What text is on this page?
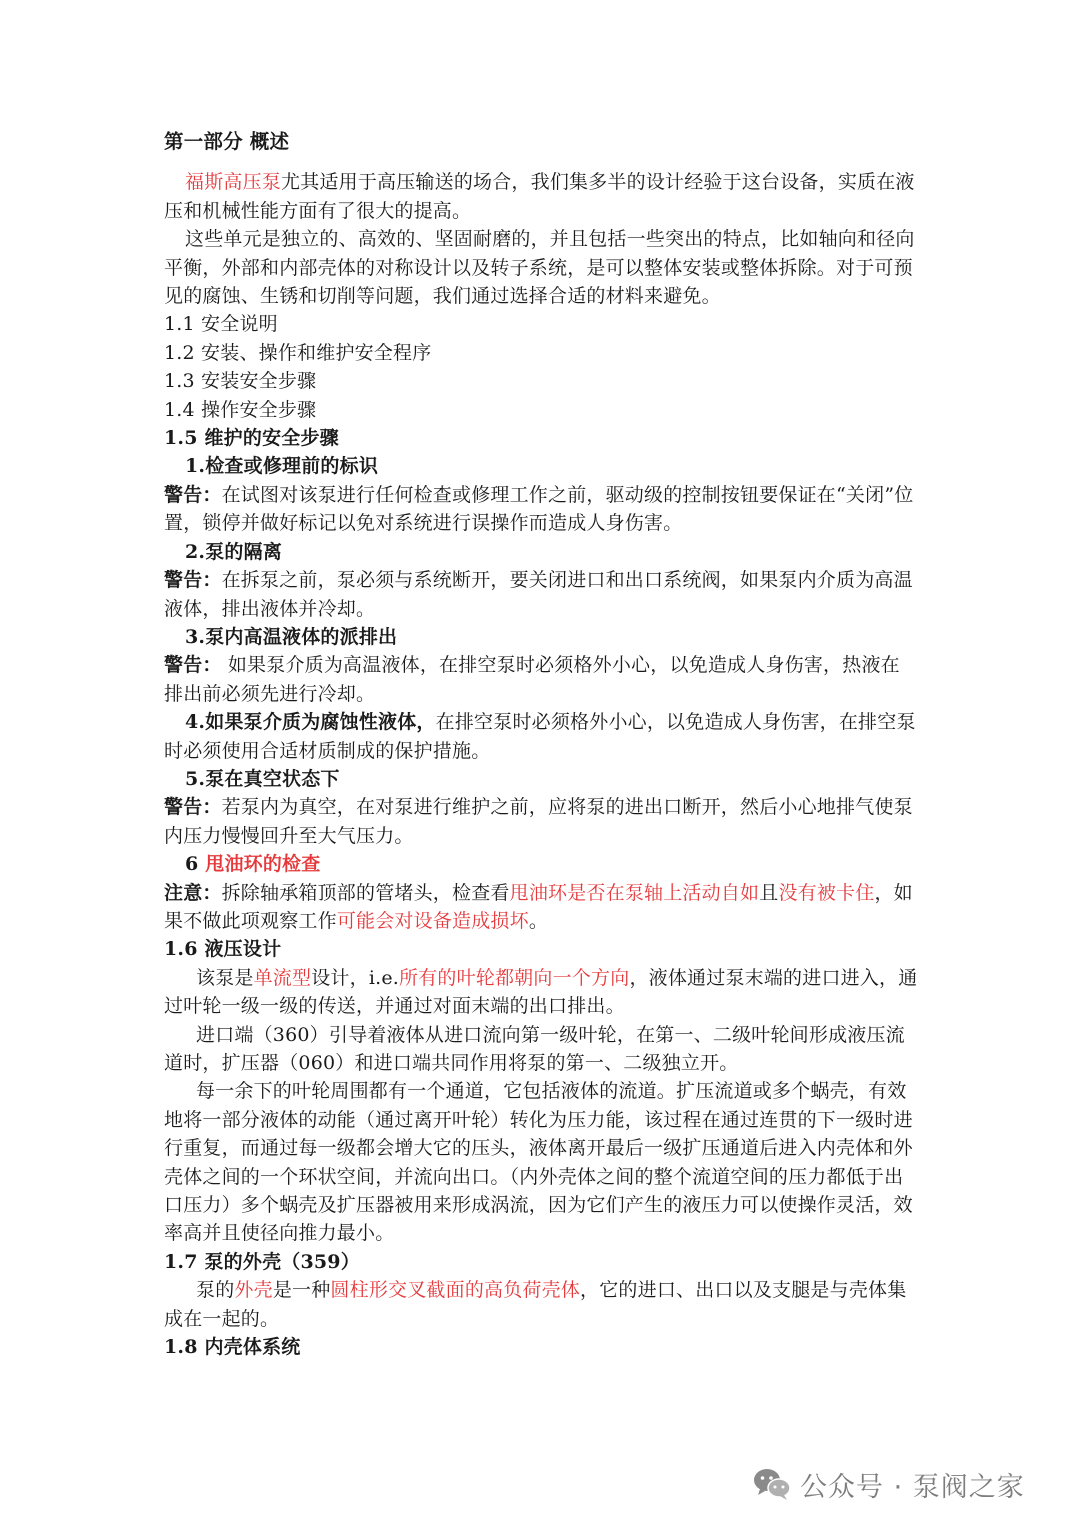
第一部分 概述

福斯高压泵尤其适用于高压输送的场合，我们集多半的设计经验于这台设备，实质在液压和机械性能方面有了很大的提高。

这些单元是独立的、高效的、坚固耐磨的，并且包括一些突出的特点，比如轴向和径向平衡，外部和内部壳体的对称设计以及转子系统，是可以整体安装或整体拆除。对于可预见的腐蚀、生锈和切削等问题，我们通过选择合适的材料来避免。

1.1 安全说明

1.2 安装、操作和维护安全程序

1.3 安装安全步骤

1.4 操作安全步骤

1.5 维护的安全步骤

1.检查或修理前的标识

警告：在试图对该泵进行任何检查或修理工作之前，驱动级的控制按钮要保证在“关闭”位置，锁停并做好标记以免对系统进行误操作而造成人身伤害。

2.泵的隔离

警告：在拆泵之前，泵必须与系统断开，要关闭进口和出口系统阀，如果泵内介质为高温液体，排出液体并冷却。

3.泵内高温液体的派排出

警告： 如果泵介质为高温液体，在排空泵时必须格外小心，以免造成人身伤害，热液在排出前必须先进行冷却。

4.如果泵介质为腐蚀性液体，在排空泵时必须格外小心，以免造成人身伤害，在排空泵时必须使用合适材质制成的保护措施。

5.泵在真空状态下

警告：若泵内为真空，在对泵进行维护之前，应将泵的进出口断开，然后小心地排气使泵内压力慢慢回升至大气压力。

6 甩油环的检查

注意：拆除轴承箱顶部的管堵头，检查看甩油环是否在泵轴上活动自如且没有被卡住，如果不做此项观察工作可能会对设备造成损坏。

1.6 液压设计

该泵是单流型设计，i.e.所有的叶轮都朝向一个方向，液体通过泵末端的进口进入，通过叶轮一级一级的传送，并通过对面末端的出口排出。

进口端（360）引导着液体从进口流向第一级叶轮，在第一、二级叶轮间形成液压流道时，扩压器（060）和进口端共同作用将泵的第一、二级独立开。

每一余下的叶轮周围都有一个通道，它包括液体的流道。扩压流道或多个蜗壳，有效地将一部分液体的动能（通过离开叶轮）转化为压力能，该过程在通过连贯的下一级时进行重复，而通过每一级都会增大它的压头，液体离开最后一级扩压通道后进入内壳体和外壳体之间的一个环状空间，并流向出口。（内外壳体之间的整个流道空间的压力都低于出口压力）多个蜗壳及扩压器被用来形成涡流，因为它们产生的液压力可以使操作灵活，效率高并且使径向推力最小。

1.7 泵的外壳（359）

泵的外壳是一种圆柱形交叉截面的高负荷壳体，它的进口、出口以及支腿是与壳体集成在一起的。

1.8 内壳体系统

公众号 · 泵阀之家
